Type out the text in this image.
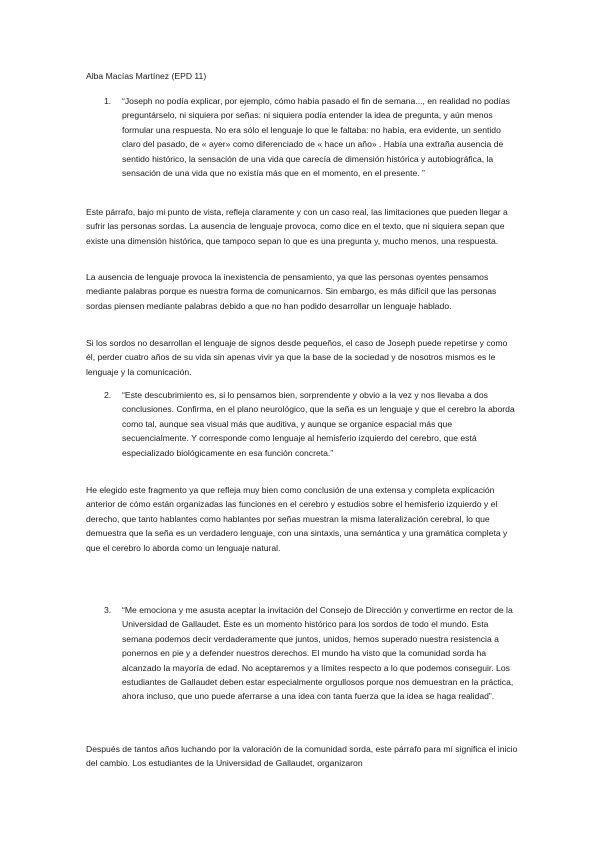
Alba Macías Martínez (EPD 11)
1. “Joseph no podía explicar, por ejemplo, cómo había pasado el fin de semana..., en realidad no podías preguntárselo, ni siquiera por señas: ni siquiera podía entender la idea de pregunta, y aún menos formular una respuesta. No era sólo el lenguaje lo que le faltaba: no había, era evidente, un sentido claro del pasado, de « ayer» como diferenciado de « hace un año» . Había una extraña ausencia de sentido histórico, la sensación de una vida que carecía de dimensión histórica y autobiográfica, la sensación de una vida que no existía más que en el momento, en el presente. ”
Este párrafo, bajo mi punto de vista, refleja claramente y con un caso real, las limitaciones que pueden llegar a sufrir las personas sordas. La ausencia de lenguaje provoca, como dice en el texto, que ni siquiera sepan que existe una dimensión histórica, que tampoco sepan lo que es una pregunta y, mucho menos, una respuesta.
La ausencia de lenguaje provoca la inexistencia de pensamiento, ya que las personas oyentes pensamos mediante palabras porque es nuestra forma de comunicarnos. Sin embargo, es más difícil que las personas sordas piensen mediante palabras debido a que no han podido desarrollar un lenguaje hablado.
Si los sordos no desarrollan el lenguaje de signos desde pequeños, el caso de Joseph puede repetirse y como él, perder cuatro años de su vida sin apenas vivir ya que la base de la sociedad y de nosotros mismos es le lenguaje y la comunicación.
2. “Este descubrimiento es, si lo pensamos bien, sorprendente y obvio a la vez y nos llevaba a dos conclusiones. Confirma, en el plano neurológico, que la seña es un lenguaje y que el cerebro la aborda como tal, aunque sea visual más que auditiva, y aunque se organice espacial más que secuencialmente. Y corresponde como lenguaje al hemisferio izquierdo del cerebro, que está especializado biológicamente en esa función concreta.”
He elegido este fragmento ya que refleja muy bien como conclusión de una extensa y completa explicación anterior de cómo están organizadas las funciones en el cerebro y estudios sobre el hemisferio izquierdo y el derecho, que tanto hablantes como hablantes por señas muestran la misma lateralización cerebral, lo que demuestra que la seña es un verdadero lenguaje, con una sintaxis, una semántica y una gramática completa y que el cerebro lo aborda como un lenguaje natural.
3. “Me emociona y me asusta aceptar la invitación del Consejo de Dirección y convertirme en rector de la Universidad de Gallaudet. Éste es un momento histórico para los sordos de todo el mundo. Esta semana podemos decir verdaderamente que juntos, unidos, hemos superado nuestra resistencia a ponernos en pie y a defender nuestros derechos. El mundo ha visto que la comunidad sorda ha alcanzado la mayoría de edad. No aceptaremos y a límites respecto a lo que podemos conseguir. Los estudiantes de Gallaudet deben estar especialmente orgullosos porque nos demuestran en la práctica, ahora incluso, que uno puede aferrarse a una idea con tanta fuerza que la idea se haga realidad”.
Después de tantos años luchando por la valoración de la comunidad sorda, este párrafo para mí significa el inicio del cambio. Los estudiantes de la Universidad de Gallaudet, organizaron
